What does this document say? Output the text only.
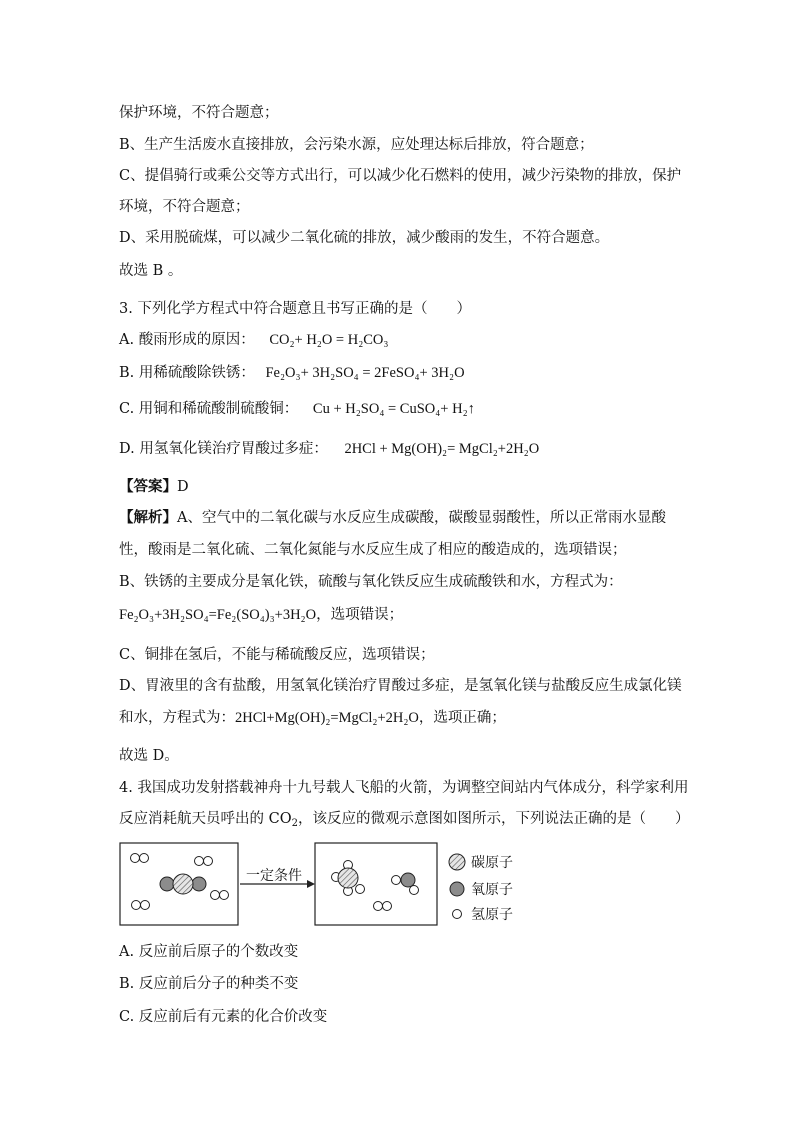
保护环境，不符合题意；
B、生产生活废水直接排放，会污染水源，应处理达标后排放，符合题意；
C、提倡骑行或乘公交等方式出行，可以减少化石燃料的使用，减少污染物的排放，保护
环境，不符合题意；
D、采用脱硫煤，可以减少二氧化硫的排放，减少酸雨的发生，不符合题意。
故选 B 。
3. 下列化学方程式中符合题意且书写正确的是（　　）
A. 酸雨形成的原因： CO₂+ H₂O = H₂CO₃
B. 用稀硫酸除铁锈： Fe₂O₃+ 3H₂SO₄ = 2FeSO₄+ 3H₂O
C. 用铜和稀硫酸制硫酸铜： Cu + H₂SO₄ = CuSO₄+ H₂↑
D. 用氢氧化镁治疗胃酸过多症： 2HCl + Mg(OH)₂= MgCl₂+2H₂O
【答案】D
【解析】A、空气中的二氧化碳与水反应生成碳酸，碳酸显弱酸性，所以正常雨水显酸
性，酸雨是二氧化硫、二氧化氮能与水反应生成了相应的酸造成的，选项错误；
B、铁锈的主要成分是氧化铁，硫酸与氧化铁反应生成硫酸铁和水，方程式为：
Fe₂O₃+3H₂SO₄=Fe₂(SO₄)₃+3H₂O，选项错误；
C、铜排在氢后，不能与稀硫酸反应，选项错误；
D、胃液里的含有盐酸，用氢氧化镁治疗胃酸过多症，是氢氧化镁与盐酸反应生成氯化镁
和水，方程式为：2HCl+Mg(OH)₂=MgCl₂+2H₂O，选项正确；
故选 D。
4. 我国成功发射搭载神舟十九号载人飞船的火箭，为调整空间站内气体成分，科学家利用
反应消耗航天员呼出的 $CO_2$，该反应的微观示意图如图所示，下列说法正确的是（　　）
一定条件
碳原子
氧原子
氢原子
A. 反应前后原子的个数改变
B. 反应前后分子的种类不变
C. 反应前后有元素的化合价改变
